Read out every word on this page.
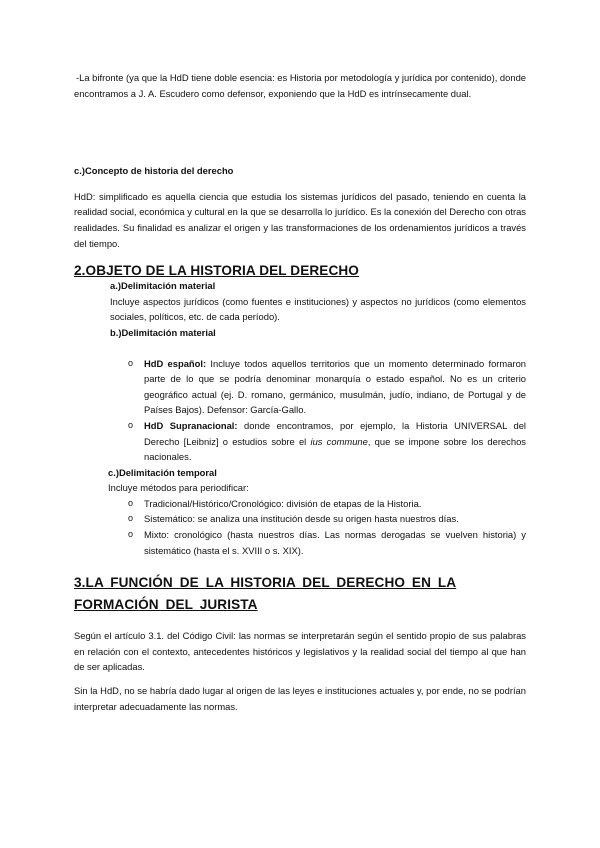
-La bifronte (ya que la HdD tiene doble esencia: es Historia por metodología y jurídica por contenido), donde encontramos a J. A. Escudero como defensor, exponiendo que la HdD es intrínsecamente dual.

c.)Concepto de historia del derecho

HdD: simplificado es aquella ciencia que estudia los sistemas jurídicos del pasado, teniendo en cuenta la realidad social, económica y cultural en la que se desarrolla lo jurídico. Es la conexión del Derecho con otras realidades. Su finalidad es analizar el origen y las transformaciones de los ordenamientos jurídicos a través del tiempo.

2.OBJETO DE LA HISTORIA DEL DERECHO
a.)Delimitación material

Incluye aspectos jurídicos (como fuentes e instituciones) y aspectos no jurídicos (como elementos sociales, políticos, etc. de cada período).

b.)Delimitación material
o HdD español: Incluye todos aquellos territorios que un momento determinado formaron parte de lo que se podría denominar monarquía o estado español. No es un criterio geográfico actual (ej. D. romano, germánico, musulmán, judío, indiano, de Portugal y de Países Bajos). Defensor: García-Gallo.
o HdD Supranacional: donde encontramos, por ejemplo, la Historia UNIVERSAL del Derecho [Leibniz] o estudios sobre el ius commune, que se impone sobre los derechos nacionales.
c.)Delimitación temporal

Incluye métodos para periodificar:

o Tradicional/Histórico/Cronológico: división de etapas de la Historia.
o Sistemático: se analiza una institución desde su origen hasta nuestros días.
o Mixto: cronológico (hasta nuestros días. Las normas derogadas se vuelven historia) y sistemático (hasta el s. XVIII o s. XIX).
3.LA FUNCIÓN DE LA HISTORIA DEL DERECHO EN LA FORMACIÓN DEL JURISTA

Según el artículo 3.1. del Código Civil: las normas se interpretarán según el sentido propio de sus palabras en relación con el contexto, antecedentes históricos y legislativos y la realidad social del tiempo al que han de ser aplicadas.

Sin la HdD, no se habría dado lugar al origen de las leyes e instituciones actuales y, por ende, no se podrían interpretar adecuadamente las normas.
